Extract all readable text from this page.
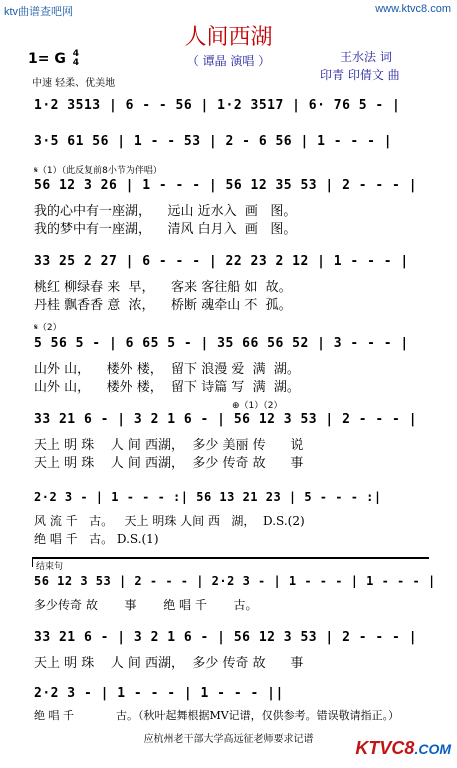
ktv曲谱查吧网	www.ktvc8.com
人间西湖
（ 谭晶 演唱 ）	王水法 词
印青 印倩文 曲
1= G 4
4
中速 轻柔、优美地
1·2 3513 | 6 - - 56 | 1·2 3517 | 6· 76 5 - |
3·5 61 56 | 1 - - 53 | 2 - 6 56 | 1 - - - |
𝄋（1）（此反复前8小节为伴唱）
56 12 3 26 | 1 - - - | 56 12 35 53 | 2 - - - |
我的心中有一座湖，    远山 近水入  画   图。
我的梦中有一座湖，    清风 白月入  画   图。
33 25 2 27 | 6 - - - | 22 23 2 12 | 1 - - - |
桃红 柳绿春 来  早，    客来 客往船 如  故。
丹桂 飘香香 意  浓，    桥断 魂牵山 不  孤。
𝄋（2）
5 56 5 - | 6 65 5 - | 35 66 56 52 | 3 - - - |
山外 山，    楼外 楼，  留下 浪漫 爱  满  湖。
山外 山，    楼外 楼，  留下 诗篇 写  满  湖。
⊕（1）（2）
33 21 6 - | 3 2 1 6 - | 56 12 3 53 | 2 - - - |
天上 明 珠    人 间 西湖，  多少 美丽 传      说
天上 明 珠    人 间 西湖，  多少 传奇 故      事
2·2 3 - | 1 - - - :| 56 13 21 23 | 5 - - - :|
风 流 千   古。   天上 明珠 人间 西   湖，  D.S.(2)
绝 唱 千   古。 D.S.(1)
结束句
56 12 3 53 | 2 - - - | 2·2 3 - | 1 - - - | 1 - - - |
多少传奇 故       事       绝 唱 千       古。
33 21 6 - | 3 2 1 6 - | 56 12 3 53 | 2 - - - |
天上 明 珠    人 间 西湖，  多少 传奇 故      事
2·2 3 - | 1 - - - | 1 - - - ||
绝 唱 千            古。（秋叶起舞根据MV记谱，仅供参考。错误敬请指正。）
应杭州老干部大学高远征老师要求记谱	KTVC8.COM
